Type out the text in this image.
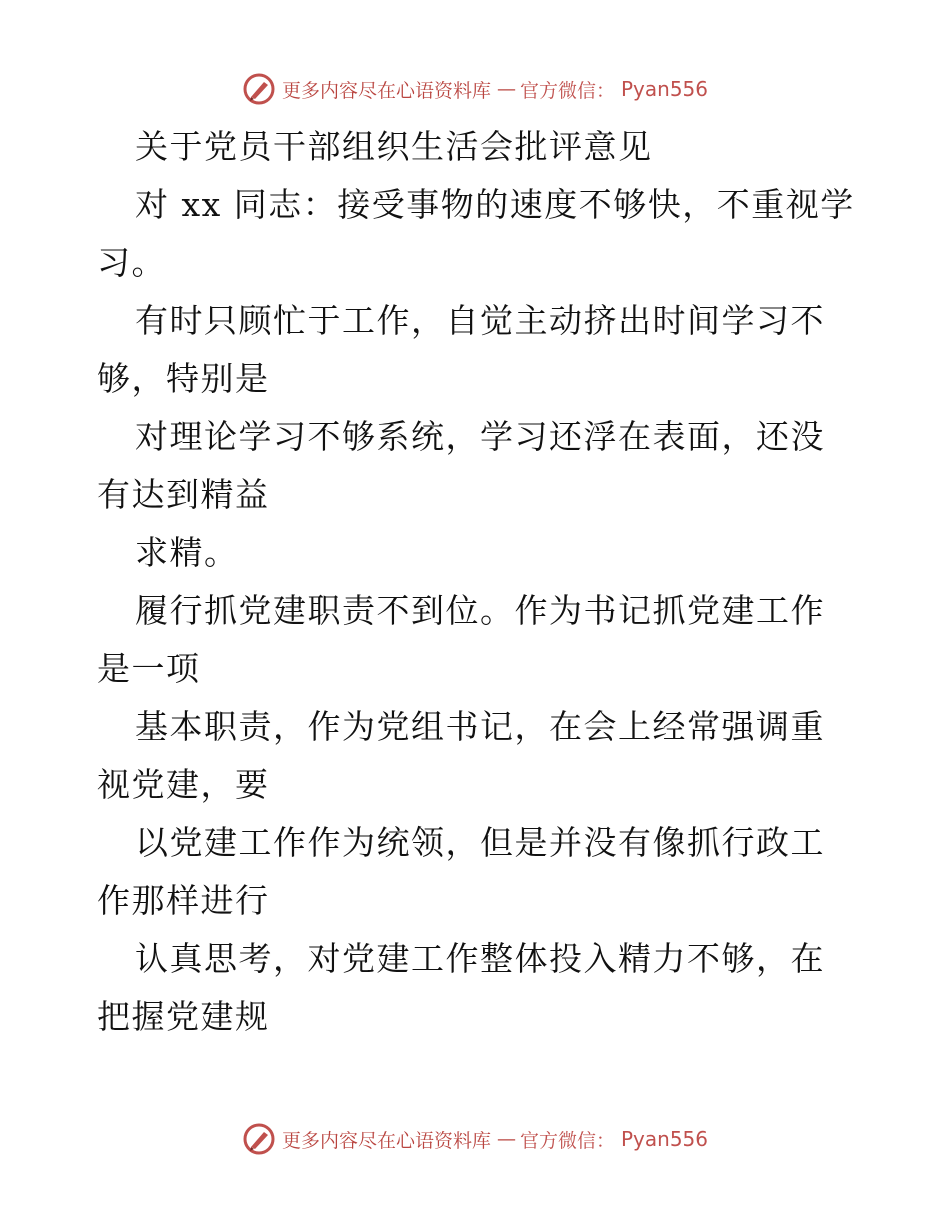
更多内容尽在心语资料库 — 官方微信： Pyan556

关于党员干部组织生活会批评意见

对 xx 同志：接受事物的速度不够快，不重视学习。

有时只顾忙于工作，自觉主动挤出时间学习不够，特别是

对理论学习不够系统，学习还浮在表面，还没有达到精益

求精。

履行抓党建职责不到位。作为书记抓党建工作是一项

基本职责，作为党组书记，在会上经常强调重视党建，要

以党建工作作为统领，但是并没有像抓行政工作那样进行

认真思考，对党建工作整体投入精力不够，在把握党建规

更多内容尽在心语资料库 — 官方微信： Pyan556
